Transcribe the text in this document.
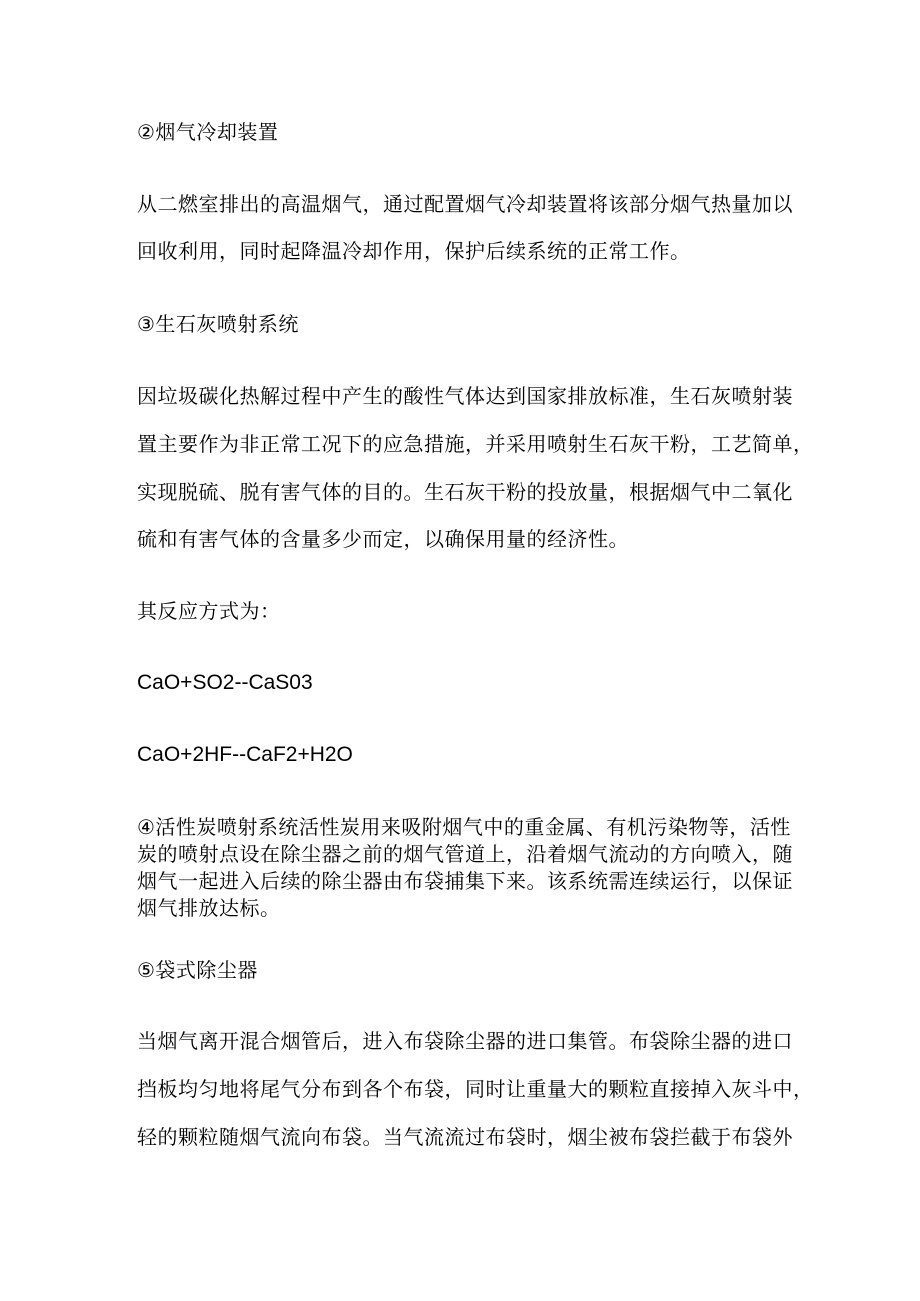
②烟气冷却装置
从二燃室排出的高温烟气，通过配置烟气冷却装置将该部分烟气热量加以
回收利用，同时起降温冷却作用，保护后续系统的正常工作。
③生石灰喷射系统
因垃圾碳化热解过程中产生的酸性气体达到国家排放标准，生石灰喷射装
置主要作为非正常工况下的应急措施，并采用喷射生石灰干粉，工艺简单，
实现脱硫、脱有害气体的目的。生石灰干粉的投放量，根据烟气中二氧化
硫和有害气体的含量多少而定，以确保用量的经济性。
其反应方式为：
CaO+SO2--CaS03
CaO+2HF--CaF2+H2O
④活性炭喷射系统活性炭用来吸附烟气中的重金属、有机污染物等，活性
炭的喷射点设在除尘器之前的烟气管道上，沿着烟气流动的方向喷入，随
烟气一起进入后续的除尘器由布袋捕集下来。该系统需连续运行，以保证
烟气排放达标。
⑤袋式除尘器
当烟气离开混合烟管后，进入布袋除尘器的进口集管。布袋除尘器的进口
挡板均匀地将尾气分布到各个布袋，同时让重量大的颗粒直接掉入灰斗中，
轻的颗粒随烟气流向布袋。当气流流过布袋时，烟尘被布袋拦截于布袋外
